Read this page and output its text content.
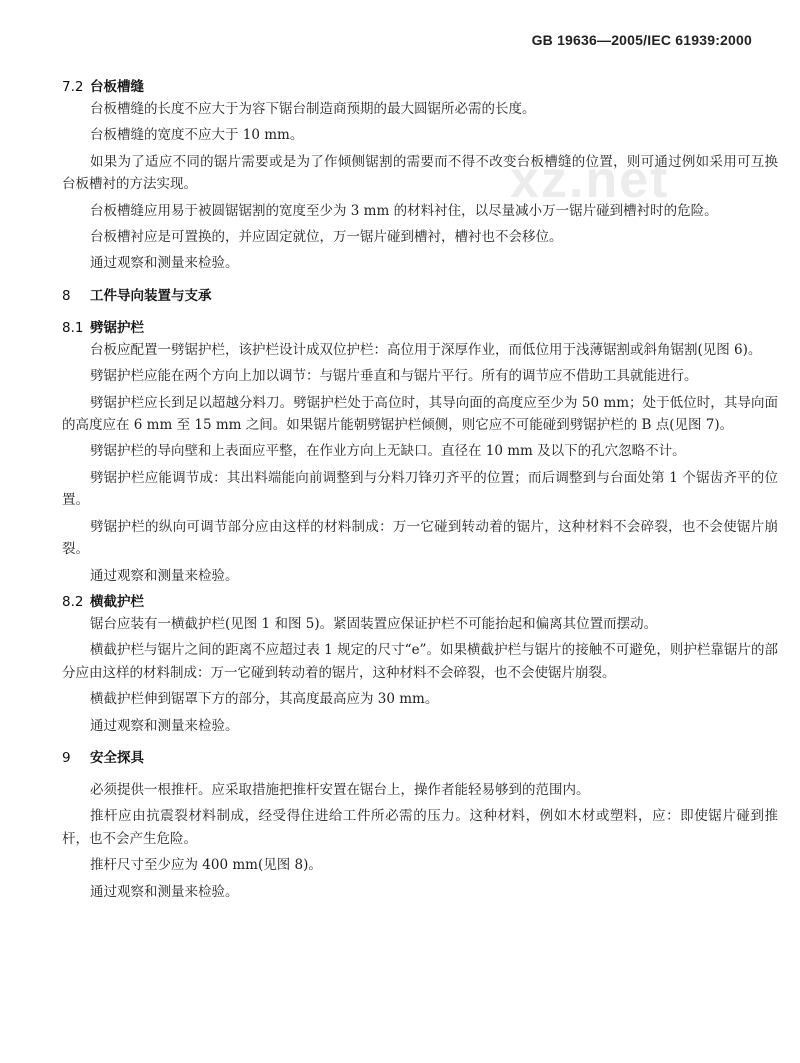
GB 19636—2005/IEC 61939:2000
xz.net
7.2 台板槽缝

台板槽缝的长度不应大于为容下锯台制造商预期的最大圆锯所必需的长度。

台板槽缝的宽度不应大于 10 mm。

如果为了适应不同的锯片需要或是为了作倾侧锯割的需要而不得不改变台板槽缝的位置，则可通过例如采用可互换台板槽衬的方法实现。

台板槽缝应用易于被圆锯锯割的宽度至少为 3 mm 的材料衬住，以尽量减小万一锯片碰到槽衬时的危险。

台板槽衬应是可置换的，并应固定就位，万一锯片碰到槽衬，槽衬也不会移位。

通过观察和测量来检验。

8 工件导向装置与支承
8.1 劈锯护栏

台板应配置一劈锯护栏，该护栏设计成双位护栏：高位用于深厚作业，而低位用于浅薄锯割或斜角锯割(见图 6)。

劈锯护栏应能在两个方向上加以调节：与锯片垂直和与锯片平行。所有的调节应不借助工具就能进行。

劈锯护栏应长到足以超越分料刀。劈锯护栏处于高位时，其导向面的高度应至少为 50 mm；处于低位时，其导向面的高度应在 6 mm 至 15 mm 之间。如果锯片能朝劈锯护栏倾侧，则它应不可能碰到劈锯护栏的 B 点(见图 7)。

劈锯护栏的导向壁和上表面应平整，在作业方向上无缺口。直径在 10 mm 及以下的孔穴忽略不计。

劈锯护栏应能调节成：其出料端能向前调整到与分料刀锋刃齐平的位置；而后调整到与台面处第 1 个锯齿齐平的位置。

劈锯护栏的纵向可调节部分应由这样的材料制成：万一它碰到转动着的锯片，这种材料不会碎裂，也不会使锯片崩裂。

通过观察和测量来检验。

8.2 横截护栏

锯台应装有一横截护栏(见图 1 和图 5)。紧固装置应保证护栏不可能抬起和偏离其位置而摆动。

横截护栏与锯片之间的距离不应超过表 1 规定的尺寸“e”。如果横截护栏与锯片的接触不可避免，则护栏靠锯片的部分应由这样的材料制成：万一它碰到转动着的锯片，这种材料不会碎裂，也不会使锯片崩裂。

横截护栏伸到锯罩下方的部分，其高度最高应为 30 mm。

通过观察和测量来检验。

9 安全探具

必须提供一根推杆。应采取措施把推杆安置在锯台上，操作者能轻易够到的范围内。

推杆应由抗震裂材料制成，经受得住进给工件所必需的压力。这种材料，例如木材或塑料，应：即使锯片碰到推杆，也不会产生危险。

推杆尺寸至少应为 400 mm(见图 8)。

通过观察和测量来检验。
